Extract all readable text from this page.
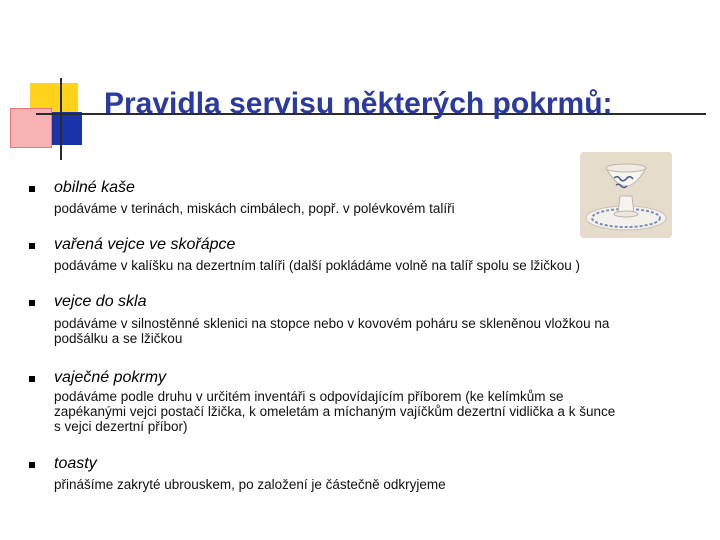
Pravidla servisu některých pokrmů:
obilné kaše
podáváme v terinách, miskách cimbálech, popř. v polévkovém talíři
vařená vejce ve skořápce
podáváme v kalíšku na dezertním talíři (další pokládáme volně na talíř spolu se lžičkou )
vejce do skla
podáváme v silnostěnné sklenici na stopce nebo v kovovém poháru se skleněnou vložkou na
podšálku a se lžičkou
vaječné pokrmy
podáváme podle druhu v určitém inventáři s odpovídajícím příborem (ke kelímkům se
zapékanými vejci postačí lžička, k omeletám a míchaným vajíčkům dezertní vidlička a k šunce
s vejci dezertní příbor)
toasty
přinášíme zakryté ubrouskem, po založení je částečně odkryjeme
